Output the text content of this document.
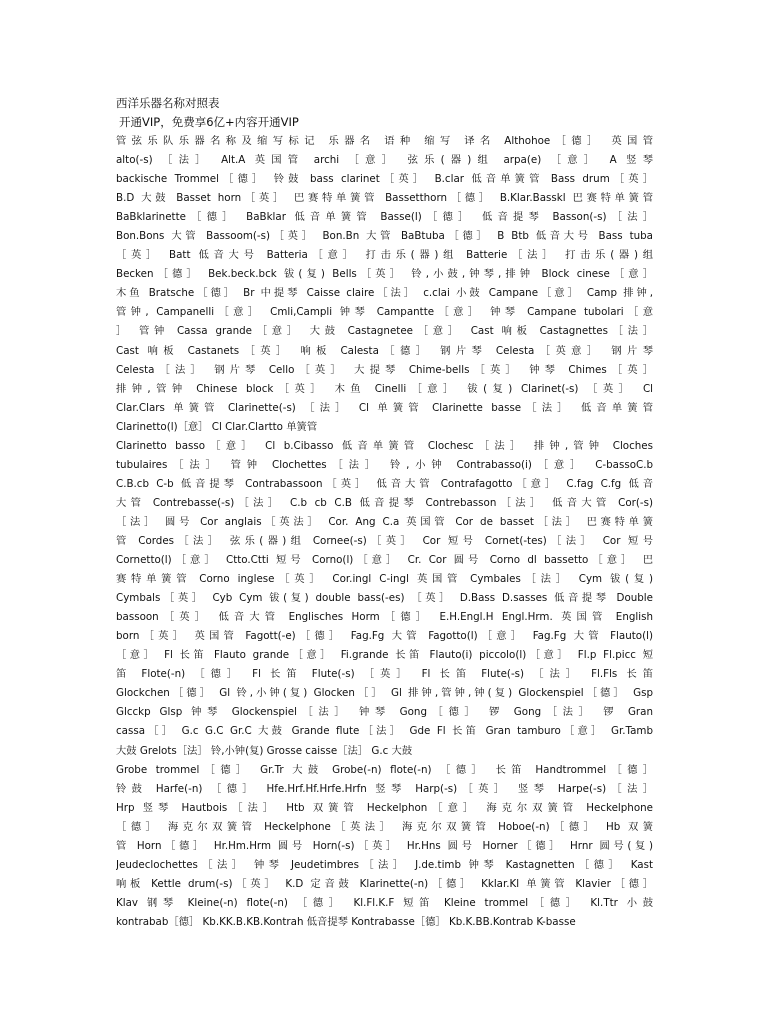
西洋乐器名称对照表
开通VIP，免费享6亿+内容开通VIP
管弦乐队乐器名称及缩写标记 乐器名 语种 缩写 译名 Althohoe［德］ 英国管
alto(-s) ［法］ Alt.A 英国管 archi ［意］ 弦乐(器)组 arpa(e) ［意］ A 竖琴
backische Trommel［德］ 铃鼓 bass clarinet［英］ B.clar 低音单簧管 Bass drum［英］
B.D 大鼓 Basset horn［英］ 巴赛特单簧管 Bassetthorn［德］ B.Klar.Basskl 巴赛特单簧管
BaBklarinette［德］ BaBklar 低音单簧管 Basse(l)［德］ 低音提琴 Basson(-s)［法］
Bon.Bons 大管 Bassoom(-s)［英］ Bon.Bn 大管 BaBtuba［德］ B Btb 低音大号 Bass tuba
［英］ Batt 低音大号 Batteria［意］ 打击乐(器)组 Batterie［法］ 打击乐(器)组
Becken［德］ Bek.beck.bck 钹(复) Bells［英］ 铃,小鼓,钟琴,排钟 Block cinese［意］
木鱼 Bratsche［德］ Br 中提琴 Caisse claire［法］ c.clai 小鼓 Campane［意］ Camp 排钟,
管钟, Campanelli［意］ Cmli,Campli 钟琴 Campantte［意］ 钟琴 Campane tubolari［意
］ 管钟 Cassa grande［意］ 大鼓 Castagnetee［意］ Cast 响板 Castagnettes［法］
Cast 响板 Castanets［英］ 响板 Calesta［德］ 钢片琴 Celesta［英意］ 钢片琴
Celesta［法］ 钢片琴 Cello［英］ 大提琴 Chime-bells［英］ 钟琴 Chimes［英］
排钟,管钟 Chinese block［英］ 木鱼 Cinelli［意］ 钹(复) Clarinet(-s) ［英］ Cl
Clar.Clars 单簧管 Clarinette(-s) ［法］ Cl 单簧管 Clarinette basse［法］ 低音单簧管
Clarinetto(l)［意］ Cl Clar.Clartto 单簧管
Clarinetto basso［意］ Cl b.Cibasso 低音单簧管 Clochesc［法］ 排钟,管钟 Cloches
tubulaires［法］ 管钟 Clochettes［法］ 铃,小钟 Contrabasso(i)［意］ C-bassoC.b
C.B.cb C-b 低音提琴 Contrabassoon［英］ 低音大管 Contrafagotto［意］ C.fag C.fg 低音
大管 Contrebasse(-s)［法］ C.b cb C.B 低音提琴 Contrebasson［法］ 低音大管 Cor(-s)
［法］ 圆号 Cor anglais［英法］ Cor. Ang C.a 英国管 Cor de basset［法］ 巴赛特单簧
管 Cordes［法］ 弦乐(器)组 Cornee(-s)［英］ Cor 短号 Cornet(-tes)［法］ Cor 短号
Cornetto(l)［意］ Ctto.Ctti 短号 Corno(l)［意］ Cr. Cor 圆号 Corno dl bassetto［意］ 巴
赛特单簧管 Corno inglese［英］ Cor.ingl C-ingl 英国管 Cymbales［法］ Cym 钹(复)
Cymbals［英］ Cyb Cym 钹(复) double bass(-es) ［英］ D.Bass D.sasses 低音提琴 Double
bassoon［英］ 低音大管 Englisches Horm［德］ E.H.Engl.H Engl.Hrm. 英国管 English
born［英］ 英国管 Fagott(-e)［德］ Fag.Fg 大管 Fagotto(l)［意］ Fag.Fg 大管 Flauto(l)
［意］ Fl 长笛 Flauto grande［意］ Fi.grande 长笛 Flauto(i) piccolo(l)［意］ Fl.p Fl.picc 短
笛 Flote(-n) ［德］ Fl 长笛 Flute(-s) ［英］ Fl 长笛 Flute(-s) ［法］ Fl.Fls 长笛
Glockchen［德］ Gl 铃,小钟(复) Glocken［］ Gl 排钟,管钟,钟(复) Glockenspiel［德］ Gsp
Glcckp Glsp 钟琴 Glockenspiel［法］ 钟琴 Gong［德］ 锣 Gong［法］ 锣 Gran
cassa［］ G.c G.C Gr.C 大鼓 Grande flute［法］ Gde Fl 长笛 Gran tamburo［意］ Gr.Tamb
大鼓 Grelots［法］ 铃,小钟(复) Grosse caisse［法］ G.c 大鼓
Grobe trommel［德］ Gr.Tr 大鼓 Grobe(-n) flote(-n) ［德］ 长笛 Handtrommel［德］
铃鼓 Harfe(-n) ［德］ Hfe.Hrf.Hf.Hrfe.Hrfn 竖琴 Harp(-s)［英］ 竖琴 Harpe(-s)［法］
Hrp 竖琴 Hautbois［法］ Htb 双簧管 Heckelphon［意］ 海克尔双簧管 Heckelphone
［德］ 海克尔双簧管 Heckelphone［英法］ 海克尔双簧管 Hoboe(-n)［德］ Hb 双簧
管 Horn［德］ Hr.Hm.Hrm 圆号 Horn(-s)［英］ Hr.Hns 圆号 Horner［德］ Hrnr 圆号(复)
Jeudeclochettes［法］ 钟琴 Jeudetimbres［法］ J.de.timb 钟琴 Kastagnetten［德］ Kast
响板 Kettle drum(-s)［英］ K.D 定音鼓 Klarinette(-n)［德］ Kklar.Kl 单簧管 Klavier［德］
Klav 钢琴 Kleine(-n) flote(-n) ［德］ Kl.Fl.K.F 短笛 Kleine trommel［德］ Kl.Ttr 小鼓
kontrabab［德］ Kb.KK.B.KB.Kontrah 低音提琴 Kontrabasse［德］ Kb.K.BB.Kontrab K-basse
